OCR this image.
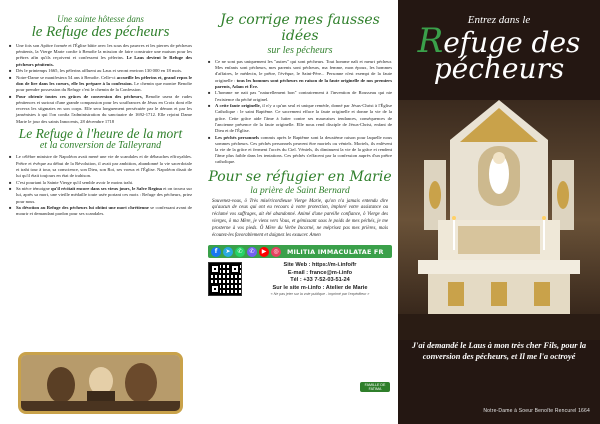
Une sainte hôtesse dans
le Refuge des pécheurs
■ Une fois son Apôtre formée et l'Église bâtie avec les sous des pauvres et les pierres de pécheurs pénitents, la Vierge Marie confie à Benoîte la mission de faire construire une maison pour les prêtres afin qu'ils reçoivent et confessent les pèlerins. Le Laus devient le Refuge des pécheurs pénitents.
■ Dès le printemps 1665, les pèlerins affluent au Laus et seront environ 130 000 en 18 mois.
■ Notre-Dame se manifestera 54 ans à Benoîte. Celle-ci accueille les pèlerins et, grand repos le don de lire dans les coeurs, elle les prépare à la confession. Le chemin que montre Benoîte pour prendre possession du Refuge c'est le chemin de la Confession.
■ Pour obtenir toutes ces grâces de conversion des pécheurs, Benoîte usera de rudes pénitences et surtout d'une grande compassion pour les souffrances de Jésus en Croix dont elle recevra les stigmates en son corps. Elle sera longuement persécutée par le démon et par les jansénistes à qui l'on confia l'administration du sanctuaire de 1692-1712. Elle rejoint Dame Marie le jour des saints Innocents, 28 décembre 1718
Le Refuge à l'heure de la mort
et la conversion de Talleyrand
■ Le célèbre ministre de Napoléon avait mené une vie de scandales et de débauches effroyables. Prêtre et évêque au début de la Révolution, il avait par ambition, abandonné la vie sacerdotale et trahi tour à tour, sa conscience, son Dieu, son Roi, ses voeux et l'Église. Napoléon disait de lui qu'il était toujours en état de trahison.
■ C'est pourtant la Sainte Vierge qu'il semble avoir le moins trahi.
■ Sa nièce témoigne qu'il récitait encore dans ses vieux jours, le Salve Regina et on trouva sur lui, après sa mort, une vieille médaille toute usée portant ces mots : Refuge des pécheurs, priez pour nous.
■ Sa dévotion au Refuge des pécheurs lui obtint une mort chrétienne se confessant avant de mourir et demandant pardon pour ses scandales.
Je corrige mes fausses idées
sur les pécheurs
■ Ce ne sont pas uniquement les "autres" qui sont pécheurs. Tout homme naît et meurt pécheur. Mes enfants sont pécheurs, mes parents sont pécheurs, ma femme, mon époux, les hommes d'affaires, le médecin, le prêtre, l'évêque, le Saint-Père... Personne n'est exempt de la faute originelle : tous les hommes sont pécheurs en raison de la faute originelle de nos premiers parents, Adam et Ève.
■ L'homme ne nait pas "naturellement bon" contrairement à l'invention de Rousseau qui nie l'existence du péché originel.
■ A cette faute originelle, il n'y a qu'un seul et unique remède, donné par Jésus-Christ à l'Église Catholique : le saint Baptême. Ce sacrement efface la faute originelle et donne la vie de la grâce. Cette grâce aide l'âme à lutter contre ses mauvaises tendances, conséquences de l'ancienne présence de la faute originelle. Elle nous rend disciple de Jésus-Christ, enfant de Dieu et de l'Église.
■ Les péchés personnels commis après le Baptême sont la deuxième raison pour laquelle nous sommes pécheurs. Ces péchés personnels peuvent être mortels ou véniels. Mortels, ils enlèvent la vie de la grâce et ferment l'accès du Ciel. Véniels, ils diminuent la vie de la grâce et rendent l'âme plus faible dans les tentations. Ces péchés s'effacent par la confession auprès d'un prêtre catholique.
Pour se réfugier en Marie
la prière de Saint Bernard

Souvenez-vous, ô Très miséricordieuse Vierge Marie, qu'on n'a jamais entendu dire qu'aucun de ceux qui ont eu recours à votre protection, imploré votre assistance ou réclamé vos suffrages, ait été abandonné. Animé d'une pareille confiance, ô Vierge des vierges, ô ma Mère, je viens vers Vous, et gémissant sous le poids de mes péchés, je me prosterne à vos pieds. Ô Mère du Verbe Incarné, ne méprisez pas mes prières, mais écoutez-les favorablement et daignez les exaucer. Amen

f	➤	✆	✆	▶	◎	MILITIA IMMACULATAE FR
Site Web : https://m-i.info/fr
E-mail : france@m-i.info
Tél : +33 7-52-03-51-24
Sur le site m-i.info : Atelier de Marie
« Ne pas jeter sur la voie publique - imprimé par l'expéditeur »
FAMILLE DE FATIMA
Entrez dans le
Refuge des
pécheurs
J'ai demandé le Laus à mon très cher Fils, pour la conversion des pécheurs, et Il me l'a octroyé
Notre-Dame à Soeur Benoîte Rencurel 1664
